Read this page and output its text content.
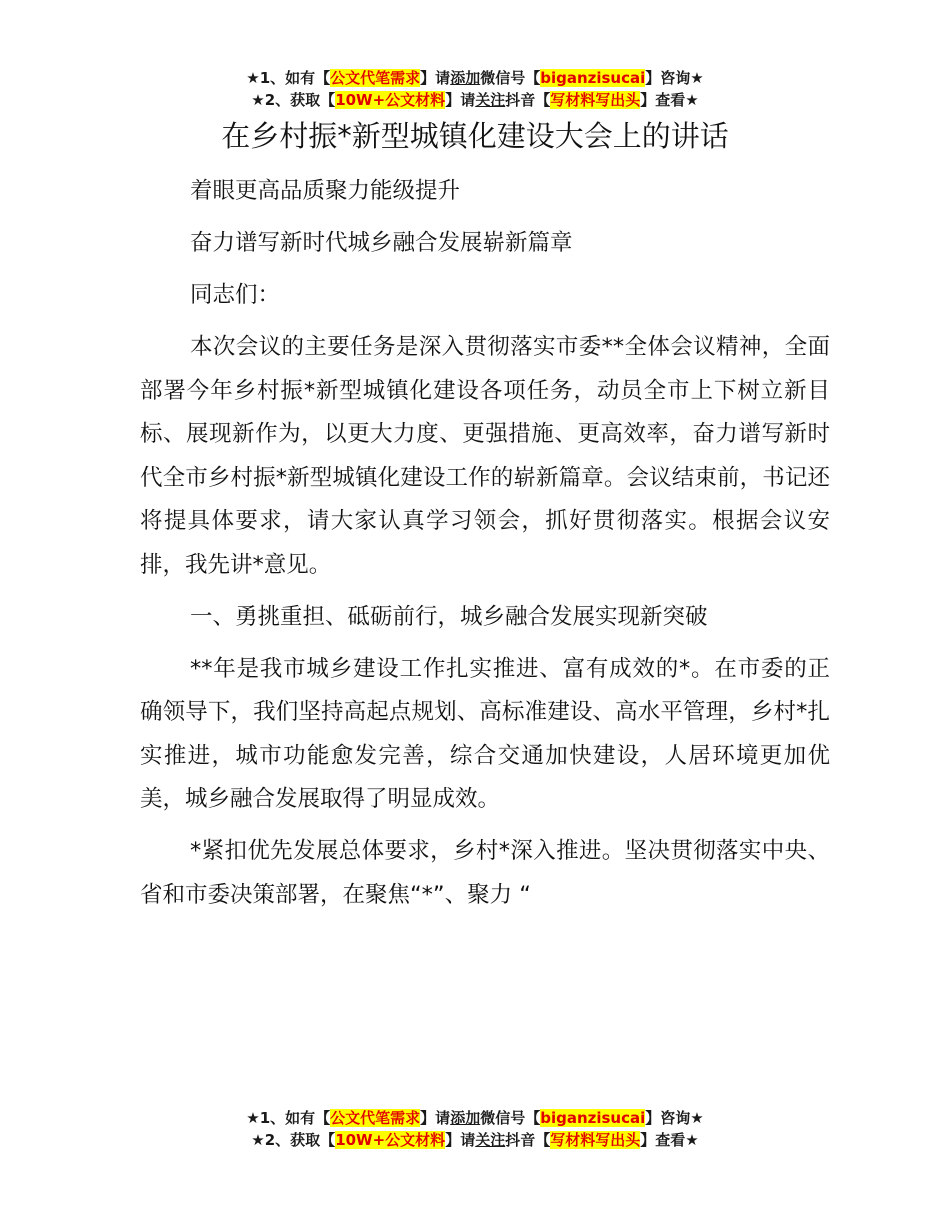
★1、如有【公文代笔需求】请添加微信号【biganzisucai】咨询★
★2、获取【10W+公文材料】请关注抖音【写材料写出头】查看★
在乡村振*新型城镇化建设大会上的讲话

着眼更高品质聚力能级提升

奋力谱写新时代城乡融合发展崭新篇章

同志们：

本次会议的主要任务是深入贯彻落实市委**全体会议精神，全面部署今年乡村振*新型城镇化建设各项任务，动员全市上下树立新目标、展现新作为，以更大力度、更强措施、更高效率，奋力谱写新时代全市乡村振*新型城镇化建设工作的崭新篇章。会议结束前，书记还将提具体要求，请大家认真学习领会，抓好贯彻落实。根据会议安排，我先讲*意见。

一、勇挑重担、砥砺前行，城乡融合发展实现新突破

**年是我市城乡建设工作扎实推进、富有成效的*。在市委的正确领导下，我们坚持高起点规划、高标准建设、高水平管理，乡村*扎实推进，城市功能愈发完善，综合交通加快建设，人居环境更加优美，城乡融合发展取得了明显成效。

*紧扣优先发展总体要求，乡村*深入推进。坚决贯彻落实中央、省和市委决策部署，在聚焦“*”、聚力 “

★1、如有【公文代笔需求】请添加微信号【biganzisucai】咨询★
★2、获取【10W+公文材料】请关注抖音【写材料写出头】查看★
